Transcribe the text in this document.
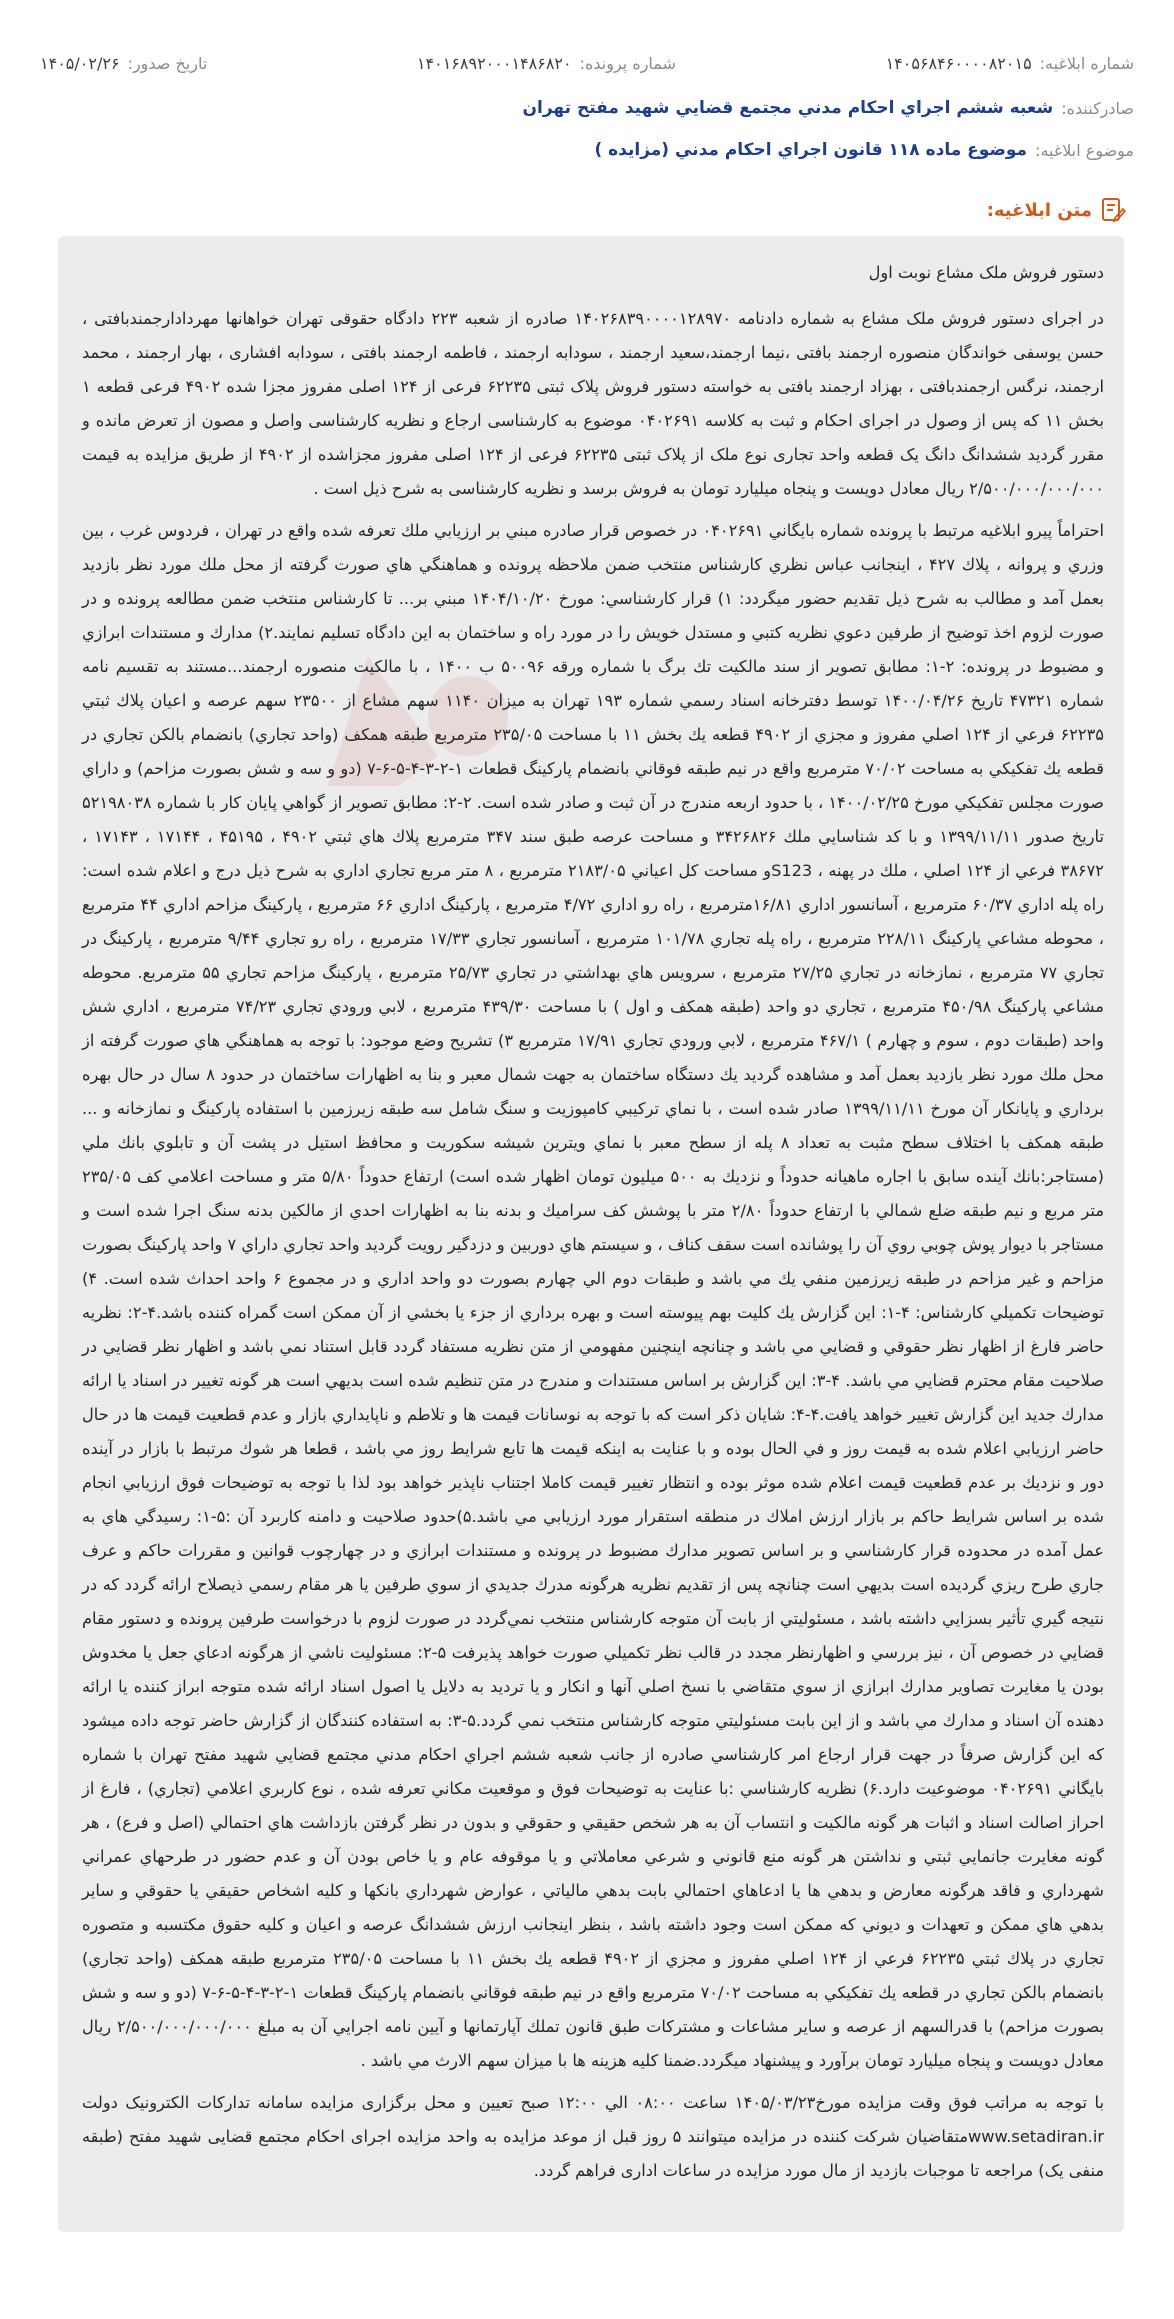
شماره ابلاغیه:
۱۴۰۵۶۸۴۶۰۰۰۰۸۲۰۱۵
شماره پرونده:
۱۴۰۱۶۸۹۲۰۰۰۱۴۸۶۸۲۰
تاریخ صدور:
۱۴۰۵/۰۲/۲۶
صادرکننده:
شعبه ششم اجراي احكام مدني مجتمع قضايي شهيد مفتح تهران
موضوع ابلاغیه:
موضوع ماده ۱۱۸ قانون اجراي احكام مدني (مزايده )
متن ابلاغیه:

دستور فروش ملک مشاع نوبت اول

در اجرای دستور فروش ملک مشاع به شماره دادنامه ۱۴۰۲۶۸۳۹۰۰۰۰۱۲۸۹۷۰ صادره از شعبه ۲۲۳ دادگاه حقوقی تهران خواهانها مهردادارجمندبافتی ، حسن یوسفی خواندگان منصوره ارجمند بافتی ،نیما ارجمند،سعید ارجمند ، سودابه ارجمند ، فاطمه ارجمند بافتی ، سودابه افشاری ، بهار ارجمند ، محمد ارجمند، نرگس ارجمندبافتی ، بهزاد ارجمند بافتی به خواسته دستور فروش پلاک ثبتی ۶۲۲۳۵ فرعی از ۱۲۴ اصلی مفروز مجزا شده ۴۹۰۲ فرعی قطعه ۱ بخش ۱۱ که پس از وصول در اجرای احکام و ثبت به کلاسه ۰۴۰۲۶۹۱ موضوع به کارشناسی ارجاع و نظریه کارشناسی واصل و مصون از تعرض مانده و مقرر گردید ششدانگ دانگ یک قطعه واحد تجاری نوع ملک از پلاک ثبتی ۶۲۲۳۵ فرعی از ۱۲۴ اصلی مفروز مجزاشده از ۴۹۰۲ از طریق مزایده به قیمت ۲/۵۰۰/۰۰۰/۰۰۰/۰۰۰ ریال معادل دویست و پنجاه میلیارد تومان به فروش برسد و نظریه کارشناسی به شرح ذیل است .

احتراماً پیرو ابلاغیه مرتبط با پرونده شماره بایگاني ۰۴۰۲۶۹۱ در خصوص قرار صادره مبني بر ارزيابي ملك تعرفه شده واقع در تهران ، فردوس غرب ، بين وزري و پروانه ، پلاك ۴۲۷ ، اينجانب عباس نظري كارشناس منتخب ضمن ملاحظه پرونده و هماهنگي هاي صورت گرفته از محل ملك مورد نظر بازديد بعمل آمد و مطالب به شرح ذيل تقديم حضور ميگردد: ۱) قرار كارشناسي: مورخ ۱۴۰۴/۱۰/۲۰ مبني بر... تا كارشناس منتخب ضمن مطالعه پرونده و در صورت لزوم اخذ توضيح از طرفين دعوي نظريه كتبي و مستدل خويش را در مورد راه و ساختمان به اين دادگاه تسليم نمايند.۲) مدارك و مستندات ابرازي و مضبوط در پرونده: ۲-۱: مطابق تصوير از سند مالكيت تك برگ با شماره ورقه ۵۰۰۹۶ ب ۱۴۰۰ ، با مالكيت منصوره ارجمند...مستند به تقسيم نامه شماره ۴۷۳۲۱ تاريخ ۱۴۰۰/۰۴/۲۶ توسط دفترخانه اسناد رسمي شماره ۱۹۳ تهران به ميزان ۱۱۴۰ سهم مشاع از ۲۳۵۰۰ سهم عرصه و اعيان پلاك ثبتي ۶۲۲۳۵ فرعي از ۱۲۴ اصلي مفروز و مجزي از ۴۹۰۲ قطعه يك بخش ۱۱ با مساحت ۲۳۵/۰۵ مترمربع طبقه همكف (واحد تجاري) بانضمام بالكن تجاري در قطعه يك تفكيكي به مساحت ۷۰/۰۲ مترمربع واقع در نيم طبقه فوقاني بانضمام پاركينگ قطعات ۱-۲-۳-۴-۵-۶-۷ (دو و سه و شش بصورت مزاحم) و داراي صورت مجلس تفكيكي مورخ ۱۴۰۰/۰۲/۲۵ ، با حدود اربعه مندرج در آن ثبت و صادر شده است. ۲-۲: مطابق تصوير از گواهي پايان كار با شماره ۵۲۱۹۸۰۳۸ تاريخ صدور ۱۳۹۹/۱۱/۱۱ و با كد شناسايي ملك ۳۴۲۶۸۲۶ و مساحت عرصه طبق سند ۳۴۷ مترمربع پلاك هاي ثبتي ۴۹۰۲ ، ۴۵۱۹۵ ، ۱۷۱۴۴ ، ۱۷۱۴۳ ، ۳۸۶۷۲ فرعي از ۱۲۴ اصلي ، ملك در پهنه ، S123و مساحت كل اعياني ۲۱۸۳/۰۵ مترمربع ، ۸ متر مربع تجاري اداري به شرح ذيل درج و اعلام شده است: راه پله اداري ۶۰/۳۷ مترمربع ، آسانسور اداري ۱۶/۸۱مترمربع ، راه رو اداري ۴/۷۲ مترمربع ، پاركينگ اداري ۶۶ مترمربع ، پاركينگ مزاحم اداري ۴۴ مترمربع ، محوطه مشاعي پاركينگ ۲۲۸/۱۱ مترمربع ، راه پله تجاري ۱۰۱/۷۸ مترمربع ، آسانسور تجاري ۱۷/۳۳ مترمربع ، راه رو تجاري ۹/۴۴ مترمربع ، پاركينگ در تجاري ۷۷ مترمربع ، نمازخانه در تجاري ۲۷/۲۵ مترمربع ، سرويس هاي بهداشتي در تجاري ۲۵/۷۳ مترمربع ، پاركينگ مزاحم تجاري ۵۵ مترمربع. محوطه مشاعي پاركينگ ۴۵۰/۹۸ مترمربع ، تجاري دو واحد (طبقه همكف و اول ) با مساحت ۴۳۹/۳۰ مترمربع ، لابي ورودي تجاري ۷۴/۲۳ مترمربع ، اداري شش واحد (طبقات دوم ، سوم و چهارم ) ۴۶۷/۱ مترمربع ، لابي ورودي تجاري ۱۷/۹۱ مترمربع ۳) تشريح وضع موجود: با توجه به هماهنگي هاي صورت گرفته از محل ملك مورد نظر بازديد بعمل آمد و مشاهده گرديد يك دستگاه ساختمان به جهت شمال معبر و بنا به اظهارات ساختمان در حدود ۸ سال در حال بهره برداري و پايانكار آن مورخ ۱۳۹۹/۱۱/۱۱ صادر شده است ، با نماي تركيبي كامپوزيت و سنگ شامل سه طبقه زيرزمين با استفاده پاركينگ و نمازخانه و ... طبقه همكف با اختلاف سطح مثبت به تعداد ۸ پله از سطح معبر با نماي ويترين شيشه سكوريت و محافظ استيل در پشت آن و تابلوي بانك ملي (مستاجر:بانك آينده سابق با اجاره ماهيانه حدوداً و نزديك به ۵۰۰ ميليون تومان اظهار شده است) ارتفاع حدوداً ۵/۸۰ متر و مساحت اعلامي كف ۲۳۵/۰۵ متر مربع و نيم طبقه ضلع شمالي با ارتفاع حدوداً ۲/۸۰ متر با پوشش كف سراميك و بدنه بنا به اظهارات احدي از مالكين بدنه سنگ اجرا شده است و مستاجر با ديوار پوش چوبي روي آن را پوشانده است سقف كناف ، و سيستم هاي دوربين و دزدگير رويت گرديد واحد تجاري داراي ۷ واحد پاركينگ بصورت مزاحم و غير مزاحم در طبقه زيرزمين منفي يك مي باشد و طبقات دوم الي چهارم بصورت دو واحد اداري و در مجموع ۶ واحد احداث شده است. ۴) توضيحات تكميلي كارشناس: ۴-۱: اين گزارش يك كليت بهم پيوسته است و بهره برداري از جزء يا بخشي از آن ممكن است گمراه كننده باشد.۴-۲: نظريه حاضر فارغ از اظهار نظر حقوقي و قضايي مي باشد و چنانچه اينچنين مفهومي از متن نظريه مستفاد گردد قابل استناد نمي باشد و اظهار نظر قضايي در صلاحيت مقام محترم قضايي مي باشد. ۴-۳: اين گزارش بر اساس مستندات و مندرج در متن تنظيم شده است بديهي است هر گونه تغيير در اسناد يا ارائه مدارك جديد اين گزارش تغيير خواهد يافت.۴-۴: شايان ذكر است كه با توجه به نوسانات قيمت ها و تلاطم و ناپايداري بازار و عدم قطعيت قيمت ها در حال حاضر ارزيابي اعلام شده به قيمت روز و في الحال بوده و با عنايت به اينكه قيمت ها تابع شرايط روز مي باشد ، قطعا هر شوك مرتبط با بازار در آينده دور و نزديك بر عدم قطعيت قيمت اعلام شده موثر بوده و انتظار تغيير قيمت كاملا اجتناب ناپذير خواهد بود لذا با توجه به توضيحات فوق ارزيابي انجام شده بر اساس شرايط حاكم بر بازار ارزش املاك در منطقه استقرار مورد ارزيابي مي باشد.۵)حدود صلاحيت و دامنه كاربرد آن :۵-۱: رسيدگي هاي به عمل آمده در محدوده قرار كارشناسي و بر اساس تصوير مدارك مضبوط در پرونده و مستندات ابرازي و در چهارچوب قوانين و مقررات حاكم و عرف جاري طرح ريزي گرديده است بديهي است چنانچه پس از تقديم نظريه هرگونه مدرك جديدي از سوي طرفين يا هر مقام رسمي ذيصلاح ارائه گردد كه در نتيجه گيري تأثير بسزايي داشته باشد ، مسئوليتي از بابت آن متوجه كارشناس منتخب نمي‌گردد در صورت لزوم با درخواست طرفين پرونده و دستور مقام قضايي در خصوص آن ، نيز بررسي و اظهارنظر مجدد در قالب نظر تكميلي صورت خواهد پذيرفت ۵-۲: مسئوليت ناشي از هرگونه ادعاي جعل يا مخدوش بودن يا مغايرت تصاوير مدارك ابرازي از سوي متقاضي با نسخ اصلي آنها و انكار و يا ترديد به دلايل يا اصول اسناد ارائه شده متوجه ابراز كننده يا ارائه دهنده آن اسناد و مدارك مي باشد و از اين بابت مسئوليتي متوجه كارشناس منتخب نمي گردد.۵-۳: به استفاده كنندگان از گزارش حاضر توجه داده ميشود كه اين گزارش صرفاً در جهت قرار ارجاع امر كارشناسي صادره از جانب شعبه ششم اجراي احكام مدني مجتمع قضايي شهيد مفتح تهران با شماره بايگاني ۰۴۰۲۶۹۱ موضوعيت دارد.۶) نظريه كارشناسي :با عنايت به توضيحات فوق و موقعيت مكاني تعرفه شده ، نوع كاربري اعلامي (تجاري) ، فارغ از احراز اصالت اسناد و اثبات هر گونه مالكيت و انتساب آن به هر شخص حقيقي و حقوقي و بدون در نظر گرفتن بازداشت هاي احتمالي (اصل و فرع) ، هر گونه مغايرت جانمايي ثبتي و نداشتن هر گونه منع قانوني و شرعي معاملاتي و يا موقوفه عام و يا خاص بودن آن و عدم حضور در طرحهاي عمراني شهرداري و فاقد هرگونه معارض و بدهي ها يا ادعاهاي احتمالي بابت بدهي مالياتي ، عوارض شهرداري بانكها و كليه اشخاص حقيقي يا حقوقي و ساير بدهي هاي ممكن و تعهدات و ديوني كه ممكن است وجود داشته باشد ، بنظر اينجانب ارزش ششدانگ عرصه و اعيان و كليه حقوق مكتسبه و متصوره تجاري در پلاك ثبتي ۶۲۲۳۵ فرعي از ۱۲۴ اصلي مفروز و مجزي از ۴۹۰۲ قطعه يك بخش ۱۱ با مساحت ۲۳۵/۰۵ مترمربع طبقه همكف (واحد تجاري) بانضمام بالكن تجاري در قطعه يك تفكيكي به مساحت ۷۰/۰۲ مترمربع واقع در نيم طبقه فوقاني بانضمام پاركينگ قطعات ۱-۲-۳-۴-۵-۶-۷ (دو و سه و شش بصورت مزاحم) با قدرالسهم از عرصه و ساير مشاعات و مشتركات طبق قانون تملك آپارتمانها و آيين نامه اجرايي آن به مبلغ ۲/۵۰۰/۰۰۰/۰۰۰/۰۰۰ ريال معادل دويست و پنجاه ميليارد تومان برآورد و پيشنهاد ميگردد.ضمنا كليه هزينه ها با ميزان سهم الارث مي باشد .

با توجه به مراتب فوق وقت مزایده مورخ۱۴۰۵/۰۳/۲۳ ساعت ۰۸:۰۰ الي ۱۲:۰۰ صبح تعیین و محل برگزاری مزایده سامانه تدارکات الکترونیک دولت www.setadiran.irمتقاضیان شرکت کننده در مزایده میتوانند ۵ روز قبل از موعد مزایده به واحد مزایده اجرای احکام مجتمع قضایی شهید مفتح (طبقه منفی یک) مراجعه تا موجبات بازدید از مال مورد مزایده در ساعات اداری فراهم گردد.
